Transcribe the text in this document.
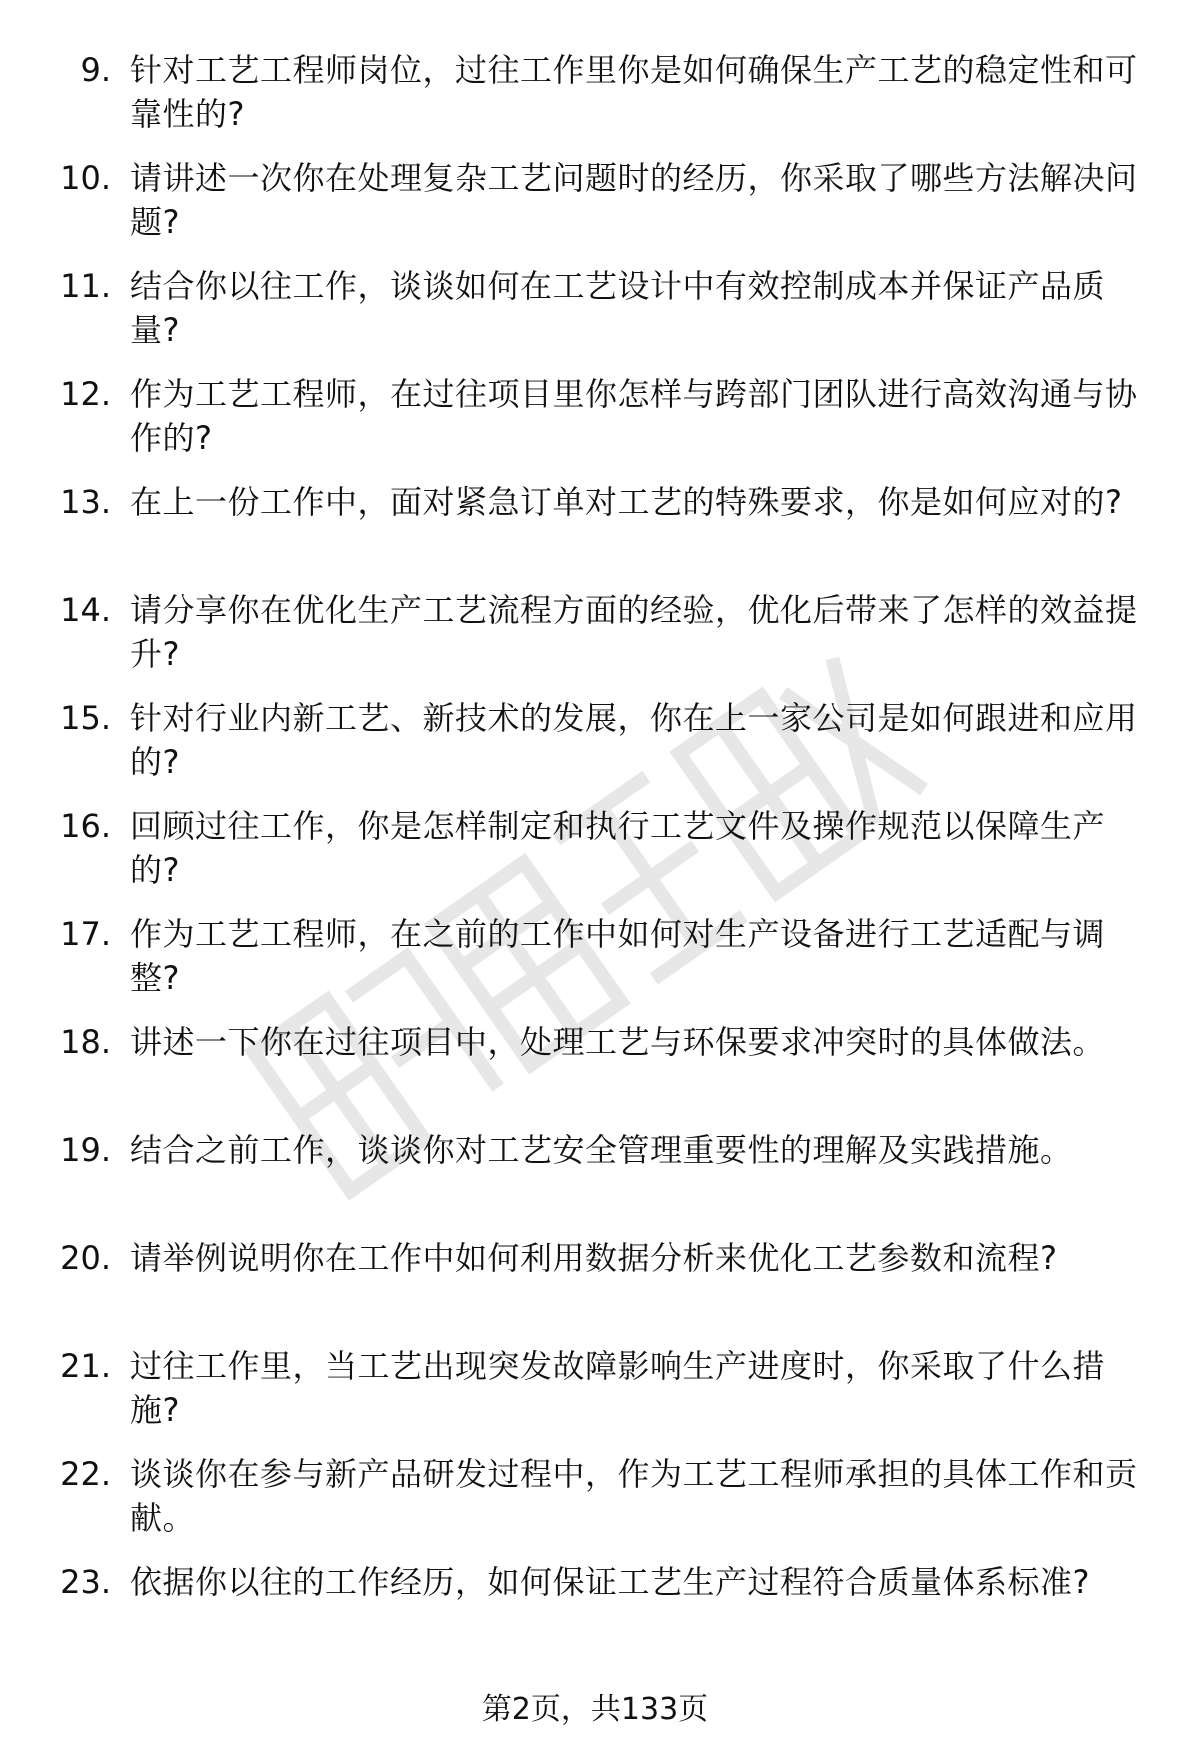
9. 针对工艺工程师岗位，过往工作里你是如何确保生产工艺的稳定性和可靠性的?
10. 请讲述一次你在处理复杂工艺问题时的经历，你采取了哪些方法解决问题?
11. 结合你以往工作，谈谈如何在工艺设计中有效控制成本并保证产品质量?
12. 作为工艺工程师，在过往项目里你怎样与跨部门团队进行高效沟通与协作的?
13. 在上一份工作中，面对紧急订单对工艺的特殊要求，你是如何应对的?
14. 请分享你在优化生产工艺流程方面的经验，优化后带来了怎样的效益提升?
15. 针对行业内新工艺、新技术的发展，你在上一家公司是如何跟进和应用的?
16. 回顾过往工作，你是怎样制定和执行工艺文件及操作规范以保障生产的?
17. 作为工艺工程师，在之前的工作中如何对生产设备进行工艺适配与调整?
18. 讲述一下你在过往项目中，处理工艺与环保要求冲突时的具体做法。
19. 结合之前工作，谈谈你对工艺安全管理重要性的理解及实践措施。
20. 请举例说明你在工作中如何利用数据分析来优化工艺参数和流程?
21. 过往工作里，当工艺出现突发故障影响生产进度时，你采取了什么措施?
22. 谈谈你在参与新产品研发过程中，作为工艺工程师承担的具体工作和贡献。
23. 依据你以往的工作经历，如何保证工艺生产过程符合质量体系标准?
第2页，共133页
